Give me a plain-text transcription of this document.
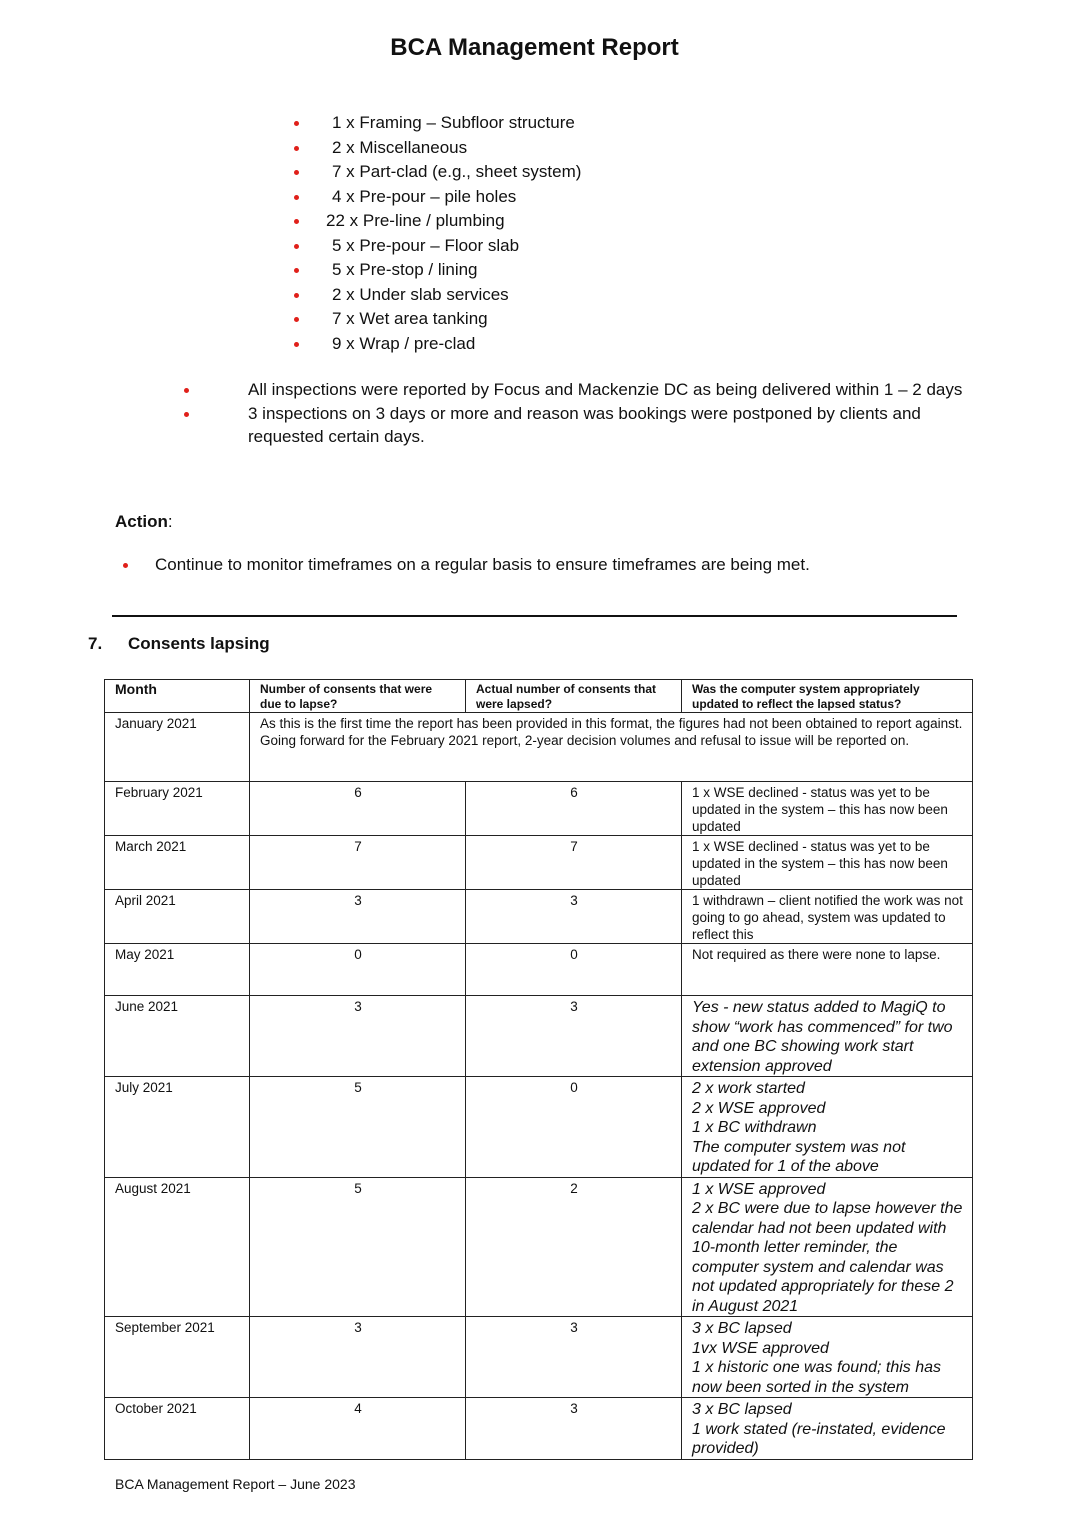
BCA Management Report
1 x Framing – Subfloor structure
2 x Miscellaneous
7 x Part-clad (e.g., sheet system)
4 x Pre-pour – pile holes
22 x Pre-line / plumbing
5 x Pre-pour – Floor slab
5 x Pre-stop / lining
2 x Under slab services
7 x Wet area tanking
9 x Wrap / pre-clad
All inspections were reported by Focus and Mackenzie DC as being delivered within 1 – 2 days
3 inspections on 3 days or more and reason was bookings were postponed by clients and requested certain days.
Action:
Continue to monitor timeframes on a regular basis to ensure timeframes are being met.
7. Consents lapsing
Month	Number of consents that were due to lapse?	Actual number of consents that were lapsed?	Was the computer system appropriately updated to reflect the lapsed status?
January 2021	As this is the first time the report has been provided in this format, the figures had not been obtained to report against. Going forward for the February 2021 report, 2-year decision volumes and refusal to issue will be reported on.		
February 2021	6	6	1 x WSE declined - status was yet to be updated in the system – this has now been updated
March 2021	7	7	1 x WSE declined - status was yet to be updated in the system – this has now been updated
April 2021	3	3	1 withdrawn – client notified the work was not going to go ahead, system was updated to reflect this
May 2021	0	0	Not required as there were none to lapse.
June 2021	3	3	Yes - new status added to MagiQ to show “work has commenced” for two and one BC showing work start extension approved
July 2021	5	0	2 x work started
2 x WSE approved
1 x BC withdrawn
The computer system was not updated for 1 of the above
August 2021	5	2	1 x WSE approved
2 x BC were due to lapse however the calendar had not been updated with 10-month letter reminder, the computer system and calendar was not updated appropriately for these 2 in August 2021
September 2021	3	3	3 x BC lapsed
1vx WSE approved
1 x historic one was found; this has now been sorted in the system
October 2021	4	3	3 x BC lapsed
1 work stated (re-instated, evidence provided)
BCA Management Report – June 2023
